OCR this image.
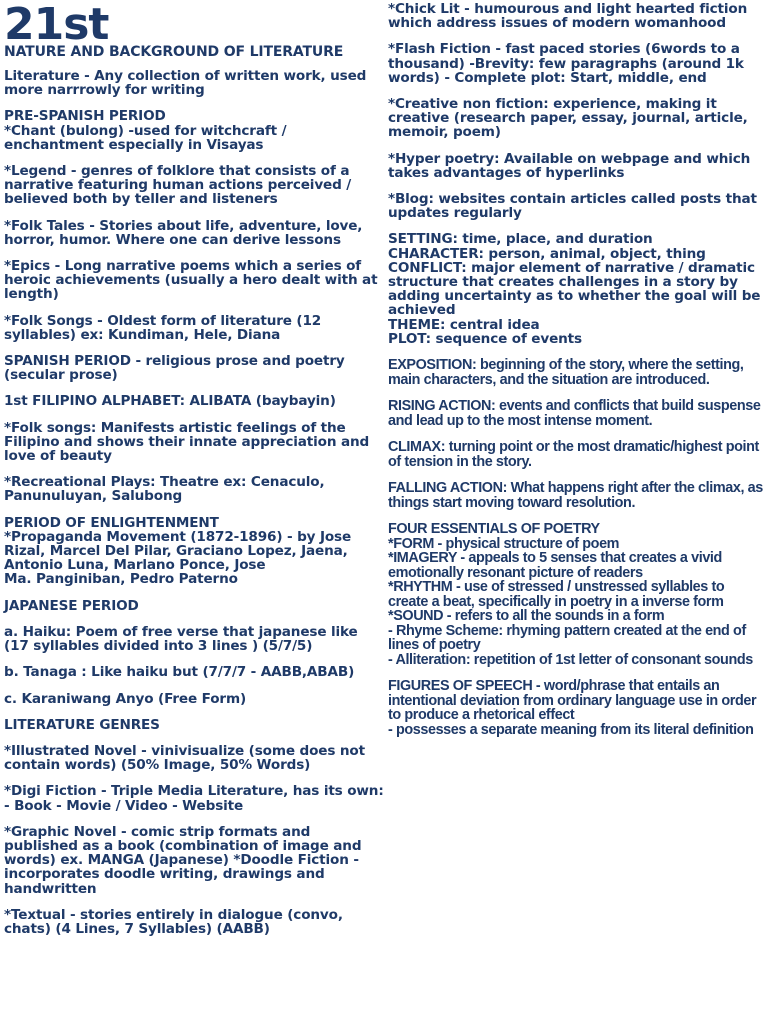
21st
NATURE AND BACKGROUND OF LITERATURE
Literature - Any collection of written work, used more narrrowly for writing
PRE-SPANISH PERIOD
*Chant (bulong) -used for witchcraft / enchantment especially in Visayas
*Legend - genres of folklore that consists of a narrative featuring human actions perceived / believed both by teller and listeners
*Folk Tales - Stories about life, adventure, love, horror, humor. Where one can derive lessons
*Epics - Long narrative poems which a series of heroic achievements (usually a hero dealt with at length)
*Folk Songs - Oldest form of literature (12 syllables) ex: Kundiman, Hele, Diana
SPANISH PERIOD - religious prose and poetry (secular prose)
1st FILIPINO ALPHABET: ALIBATA (baybayin)
*Folk songs: Manifests artistic feelings of the Filipino and shows their innate appreciation and love of beauty
*Recreational Plays: Theatre ex: Cenaculo, Panunuluyan, Salubong
PERIOD OF ENLIGHTENMENT
*Propaganda Movement (1872-1896) - by Jose Rizal, Marcel Del Pilar, Graciano Lopez, Jaena, Antonio Luna, Marlano Ponce, Jose
Ma. Panginiban, Pedro Paterno
JAPANESE PERIOD
a. Haiku: Poem of free verse that japanese like (17 syllables divided into 3 lines ) (5/7/5)
b. Tanaga : Like haiku but (7/7/7 - AABB,ABAB)
c. Karaniwang Anyo (Free Form)
LITERATURE GENRES
*Illustrated Novel - vinivisualize (some does not contain words) (50% Image, 50% Words)
*Digi Fiction - Triple Media Literature, has its own: - Book - Movie / Video - Website
*Graphic Novel - comic strip formats and published as a book (combination of image and words) ex. MANGA (Japanese) *Doodle Fiction - incorporates doodle writing, drawings and handwritten
*Textual - stories entirely in dialogue (convo, chats) (4 Lines, 7 Syllables) (AABB)
*Chick Lit - humourous and light hearted fiction which address issues of modern womanhood
*Flash Fiction - fast paced stories (6words to a thousand) -Brevity: few paragraphs (around 1k words) - Complete plot: Start, middle, end
*Creative non fiction: experience, making it creative (research paper, essay, journal, article, memoir, poem)
*Hyper poetry: Available on webpage and which takes advantages of hyperlinks
*Blog: websites contain articles called posts that updates regularly
SETTING: time, place, and duration
CHARACTER: person, animal, object, thing
CONFLICT: major element of narrative / dramatic structure that creates challenges in a story by adding uncertainty as to whether the goal will be achieved
THEME: central idea
PLOT: sequence of events
EXPOSITION: beginning of the story, where the setting, main characters, and the situation are introduced.
RISING ACTION: events and conflicts that build suspense and lead up to the most intense moment.
CLIMAX: turning point or the most dramatic/highest point of tension in the story.
FALLING ACTION: What happens right after the climax, as things start moving toward resolution.
FOUR ESSENTIALS OF POETRY
*FORM - physical structure of poem
*IMAGERY - appeals to 5 senses that creates a vivid emotionally resonant picture of readers
*RHYTHM - use of stressed / unstressed syllables to create a beat, specifically in poetry in a inverse form
*SOUND - refers to all the sounds in a form
- Rhyme Scheme: rhyming pattern created at the end of lines of poetry
- Alliteration: repetition of 1st letter of consonant sounds
FIGURES OF SPEECH - word/phrase that entails an intentional deviation from ordinary language use in order to produce a rhetorical effect
- possesses a separate meaning from its literal definition
